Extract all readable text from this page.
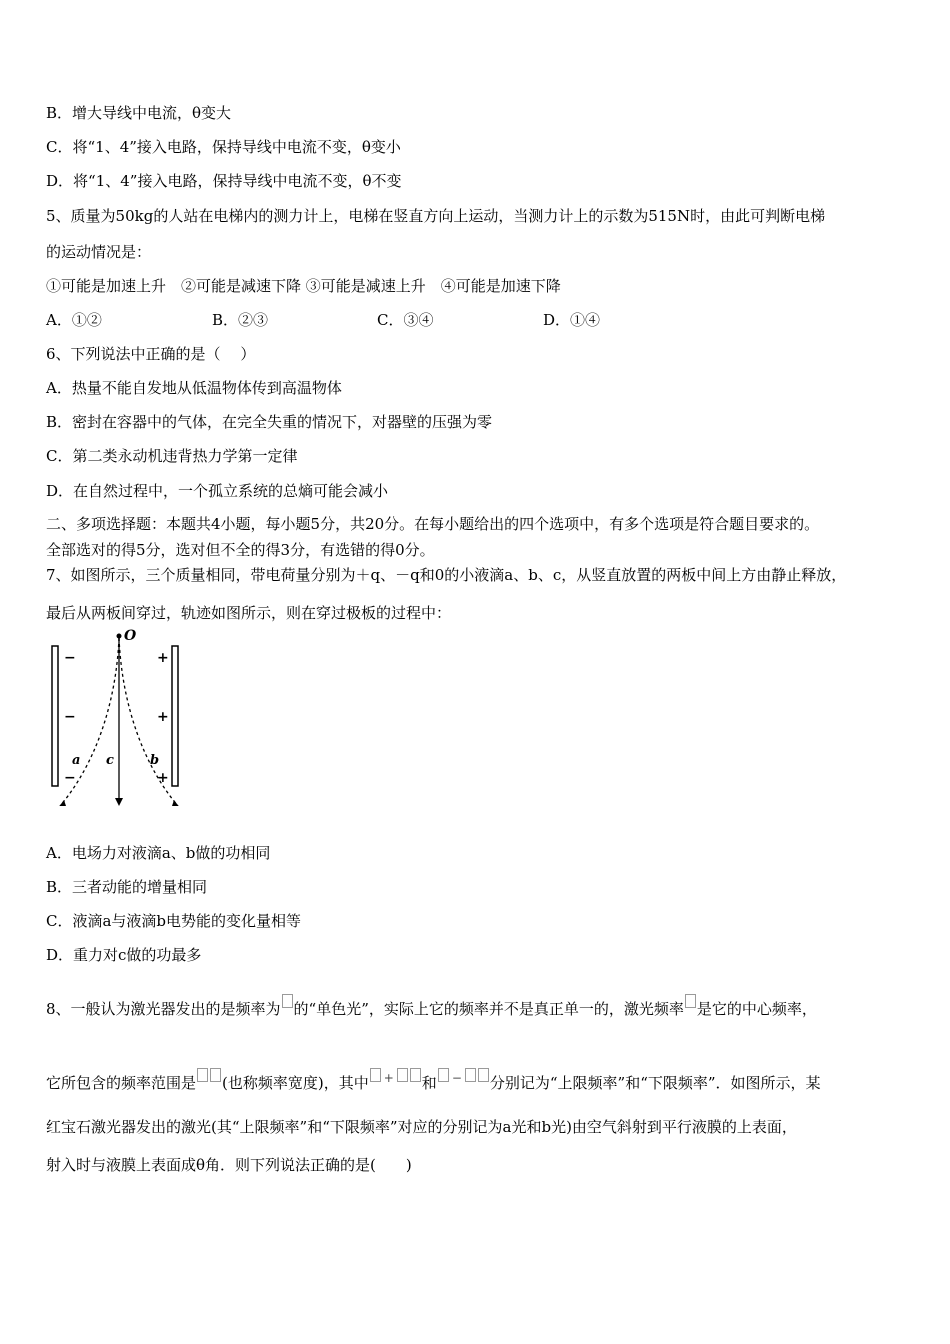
B．增大导线中电流，θ变大
C．将“1、4”接入电路，保持导线中电流不变，θ变小
D．将“1、4”接入电路，保持导线中电流不变，θ不变
5、质量为50kg的人站在电梯内的测力计上，电梯在竖直方向上运动，当测力计上的示数为515N时，由此可判断电梯
的运动情况是：
①可能是加速上升　②可能是减速下降 ③可能是减速上升　④可能是加速下降
A．①②	B．②③	C．③④	D．①④
6、下列说法中正确的是（　 ）
A．热量不能自发地从低温物体传到高温物体
B．密封在容器中的气体，在完全失重的情况下，对器壁的压强为零
C．第二类永动机违背热力学第一定律
D．在自然过程中，一个孤立系统的总熵可能会减小
二、多项选择题：本题共4小题，每小题5分，共20分。在每小题给出的四个选项中，有多个选项是符合题目要求的。
全部选对的得5分，选对但不全的得3分，有选错的得0分。
7、如图所示，三个质量相同，带电荷量分别为＋q、－q和0的小液滴a、b、c，从竖直放置的两板中间上方由静止释放，
最后从两板间穿过，轨迹如图所示，则在穿过极板的过程中：
O
−
−
−
+
+
+
a c	b
A．电场力对液滴a、b做的功相同
B．三者动能的增量相同
C．液滴a与液滴b电势能的变化量相等
D．重力对c做的功最多
8、一般认为激光器发出的是频率为 的“单色光”，实际上它的频率并不是真正单一的，激光频率 是它的中心频率，
它所包含的频率范围是 (也称频率宽度)，其中 + 和 − 分别记为“上限频率”和“下限频率”．如图所示，某
红宝石激光器发出的激光(其“上限频率”和“下限频率”对应的分别记为a光和b光)由空气斜射到平行液膜的上表面，
射入时与液膜上表面成θ角．则下列说法正确的是(　　)
